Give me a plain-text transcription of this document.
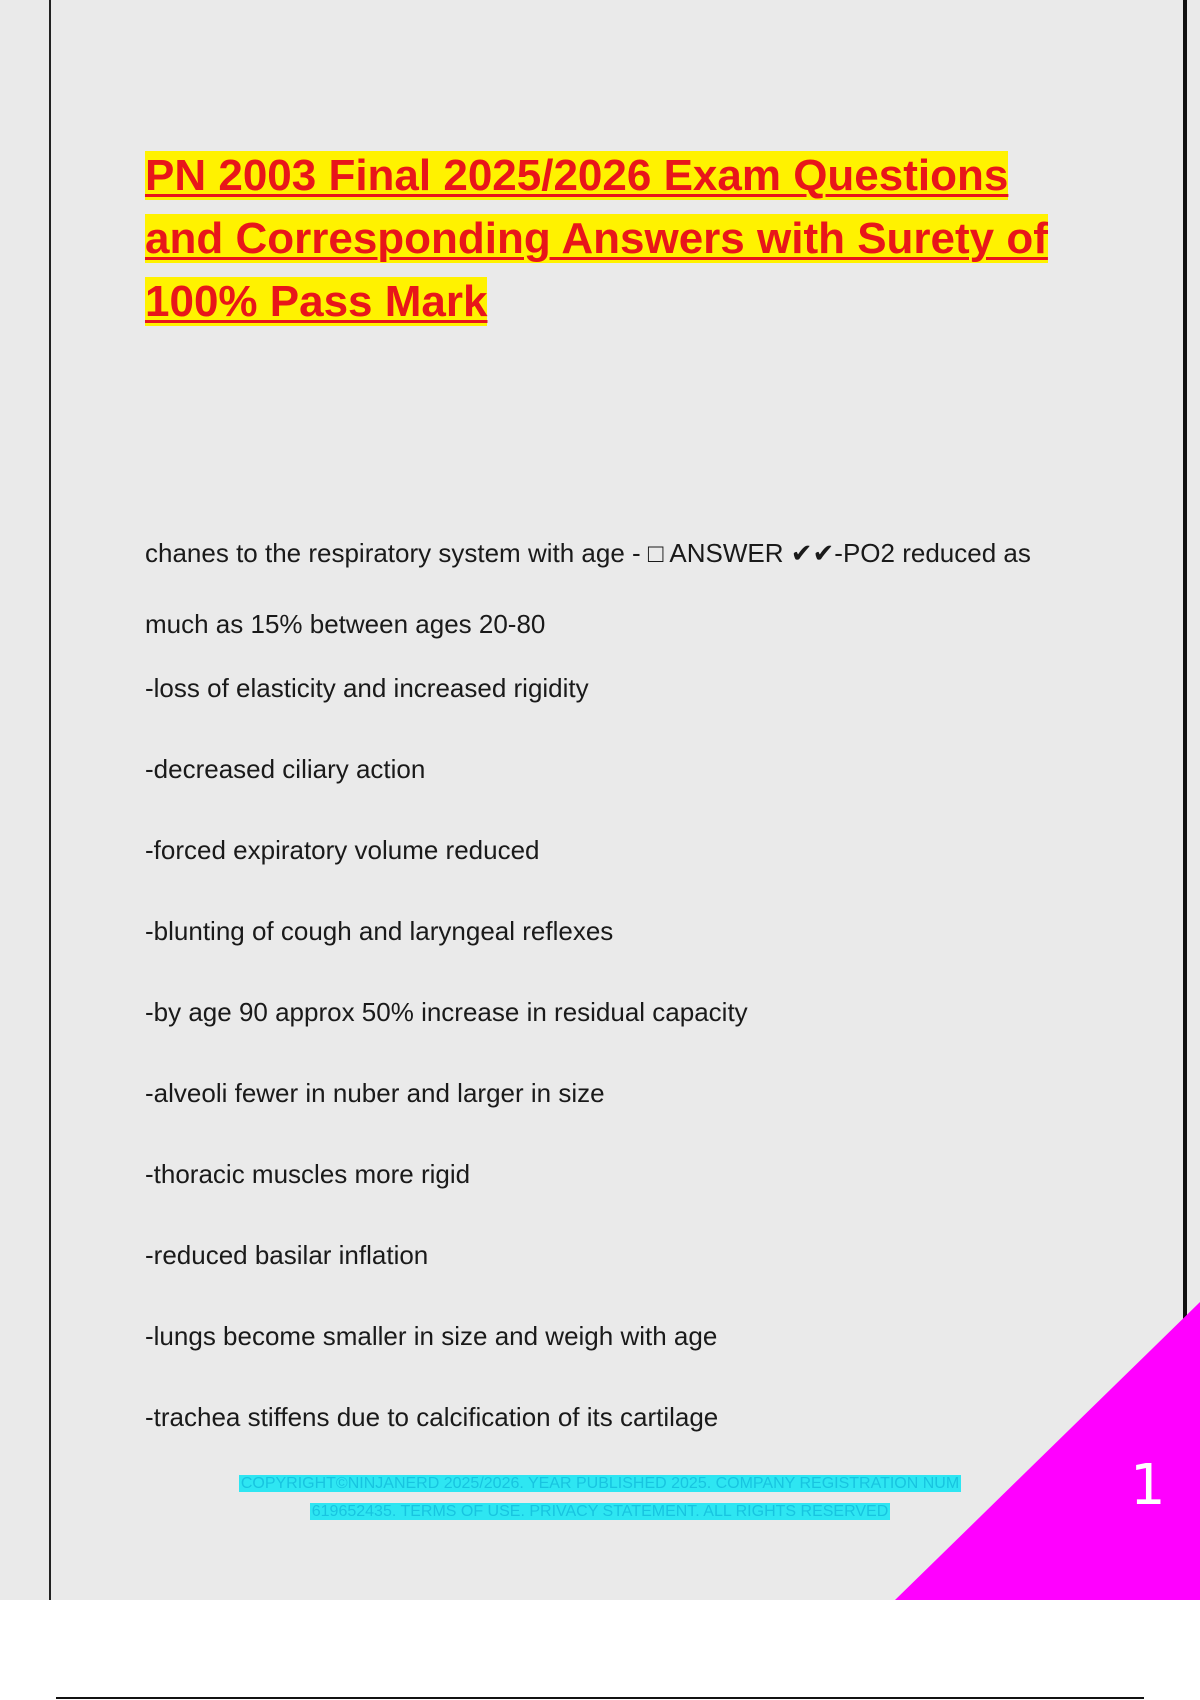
PN 2003 Final 2025/2026 Exam Questions and Corresponding Answers with Surety of 100% Pass Mark

chanes to the respiratory system with age - □ ANSWER ✔✔-PO2 reduced as much as 15% between ages 20-80

-loss of elasticity and increased rigidity
-decreased ciliary action
-forced expiratory volume reduced
-blunting of cough and laryngeal reflexes
-by age 90 approx 50% increase in residual capacity
-alveoli fewer in nuber and larger in size
-thoracic muscles more rigid
-reduced basilar inflation
-lungs become smaller in size and weigh with age
-trachea stiffens due to calcification of its cartilage
COPYRIGHT©NINJANERD 2025/2026. YEAR PUBLISHED 2025. COMPANY REGISTRATION NUM
619652435. TERMS OF USE. PRIVACY STATEMENT. ALL RIGHTS RESERVED	1
